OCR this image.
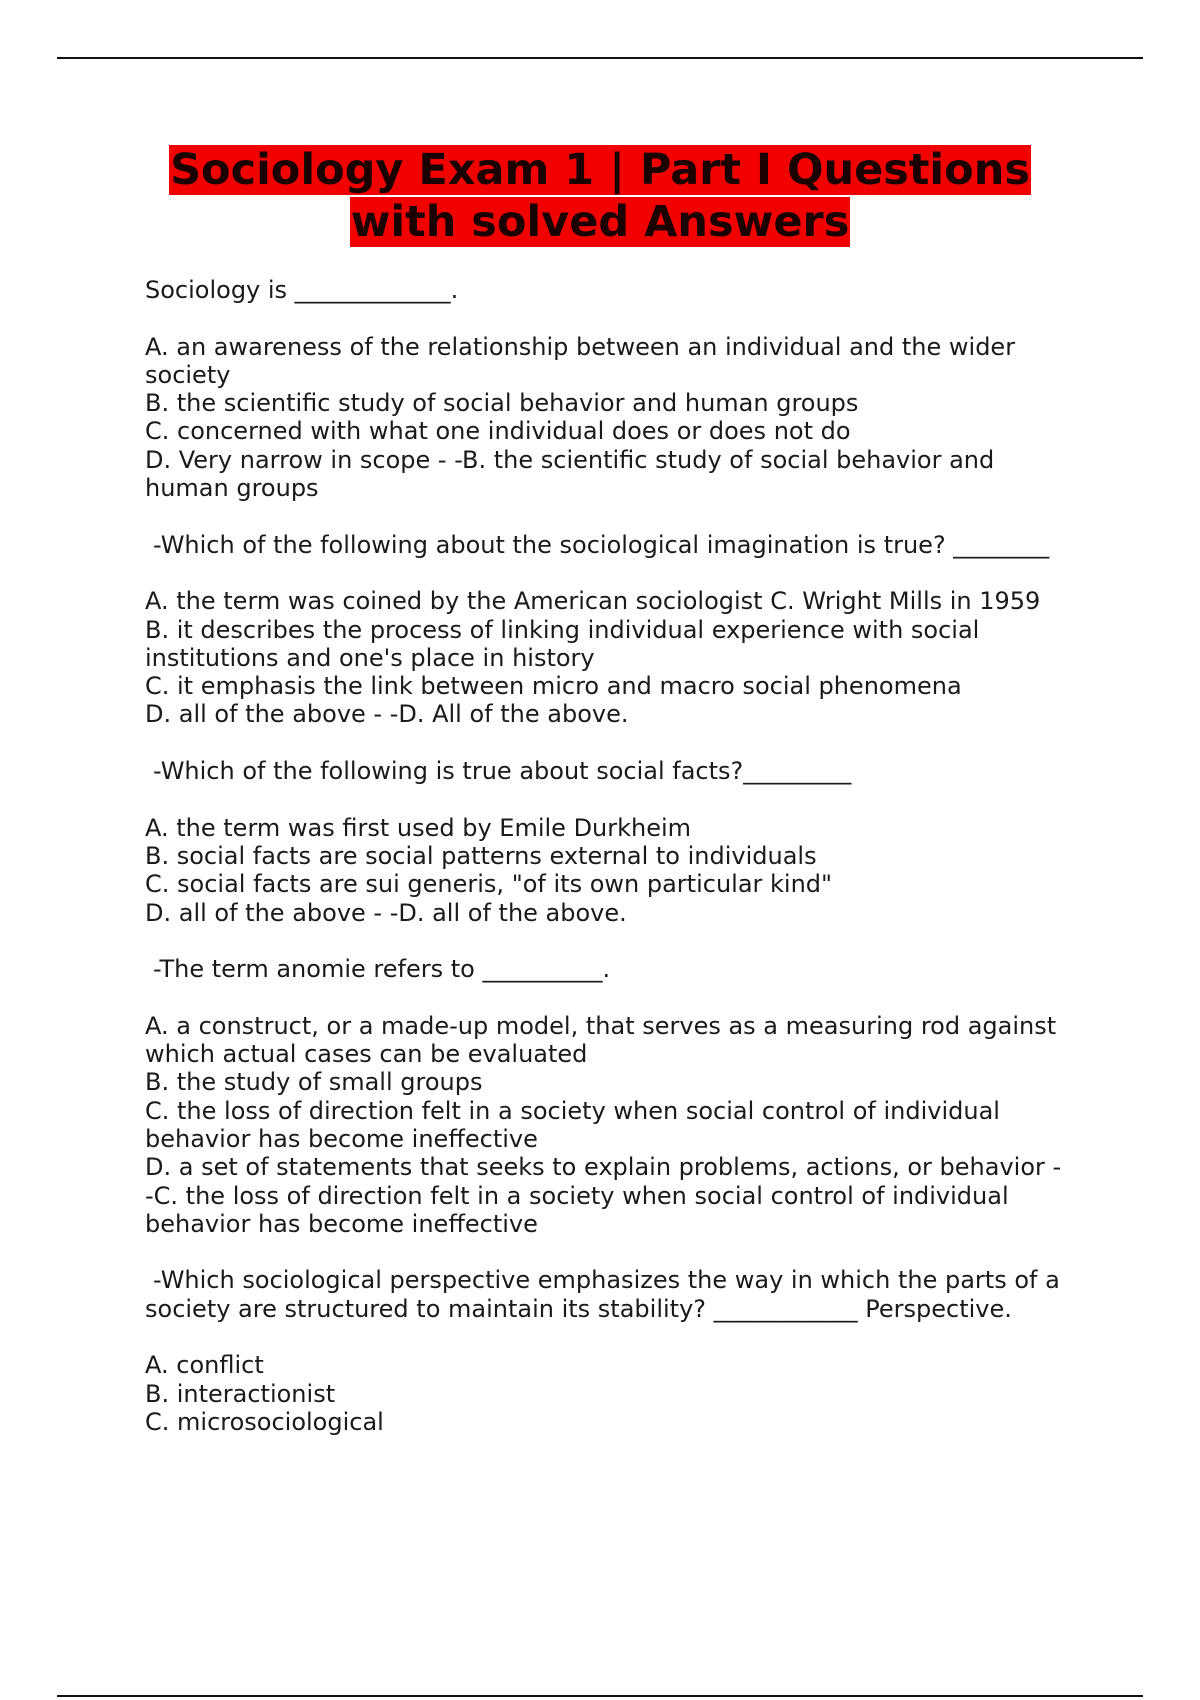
Sociology Exam 1 | Part I Questions
with solved Answers
Sociology is _____________.
A. an awareness of the relationship between an individual and the wider society
B. the scientific study of social behavior and human groups
C. concerned with what one individual does or does not do
D. Very narrow in scope - -B. the scientific study of social behavior and human groups
-Which of the following about the sociological imagination is true? ________
A. the term was coined by the American sociologist C. Wright Mills in 1959
B. it describes the process of linking individual experience with social institutions and one's place in history
C. it emphasis the link between micro and macro social phenomena
D. all of the above - -D. All of the above.
-Which of the following is true about social facts?_________
A. the term was first used by Emile Durkheim
B. social facts are social patterns external to individuals
C. social facts are sui generis, "of its own particular kind"
D. all of the above - -D. all of the above.
-The term anomie refers to __________.
A. a construct, or a made-up model, that serves as a measuring rod against which actual cases can be evaluated
B. the study of small groups
C. the loss of direction felt in a society when social control of individual behavior has become ineffective
D. a set of statements that seeks to explain problems, actions, or behavior - -C. the loss of direction felt in a society when social control of individual behavior has become ineffective
-Which sociological perspective emphasizes the way in which the parts of a society are structured to maintain its stability? ____________ Perspective.
A. conflict
B. interactionist
C. microsociological
